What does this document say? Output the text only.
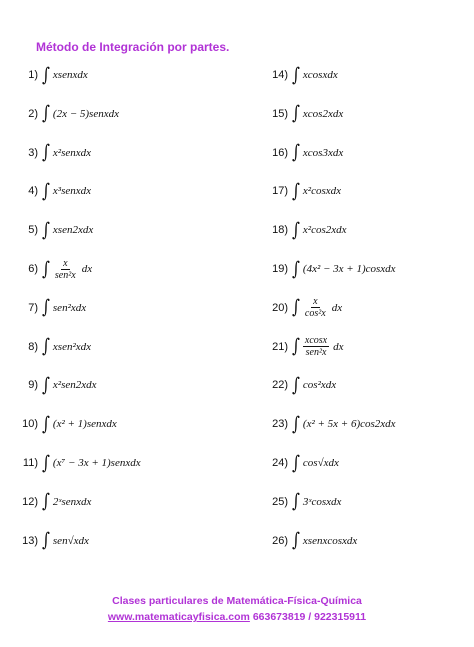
Método de Integración por partes.
1) ∫ xsenxdx
2) ∫ (2x − 5)senxdx
3) ∫ x²senxdx
4) ∫ x³senxdx
5) ∫ xsen2xdx
6) ∫ $\frac{x}{\text{sen²x}}$ dx
7) ∫ sen²xdx
8) ∫ xsen²xdx
9) ∫ x²sen2xdx
10) ∫ (x² + 1)senxdx
11) ∫ (x⁷ − 3x + 1)senxdx
12) ∫ 2ˣsenxdx
13) ∫ sen√xdx
14) ∫ xcosxdx
15) ∫ xcos2xdx
16) ∫ xcos3xdx
17) ∫ x²cosxdx
18) ∫ x²cos2xdx
19) ∫ (4x² − 3x + 1)cosxdx
20) ∫ $\frac{x}{\text{cos²x}}$ dx
21) ∫ $\frac{xcosx}{\text{sen²x}}$ dx
22) ∫ cos²xdx
23) ∫ (x² + 5x + 6)cos2xdx
24) ∫ cos√xdx
25) ∫ 3ˣcosxdx
26) ∫ xsenxcosxdx
Clases particulares de Matemática-Física-Química
www.matematicayfisica.com 663673819 / 922315911
